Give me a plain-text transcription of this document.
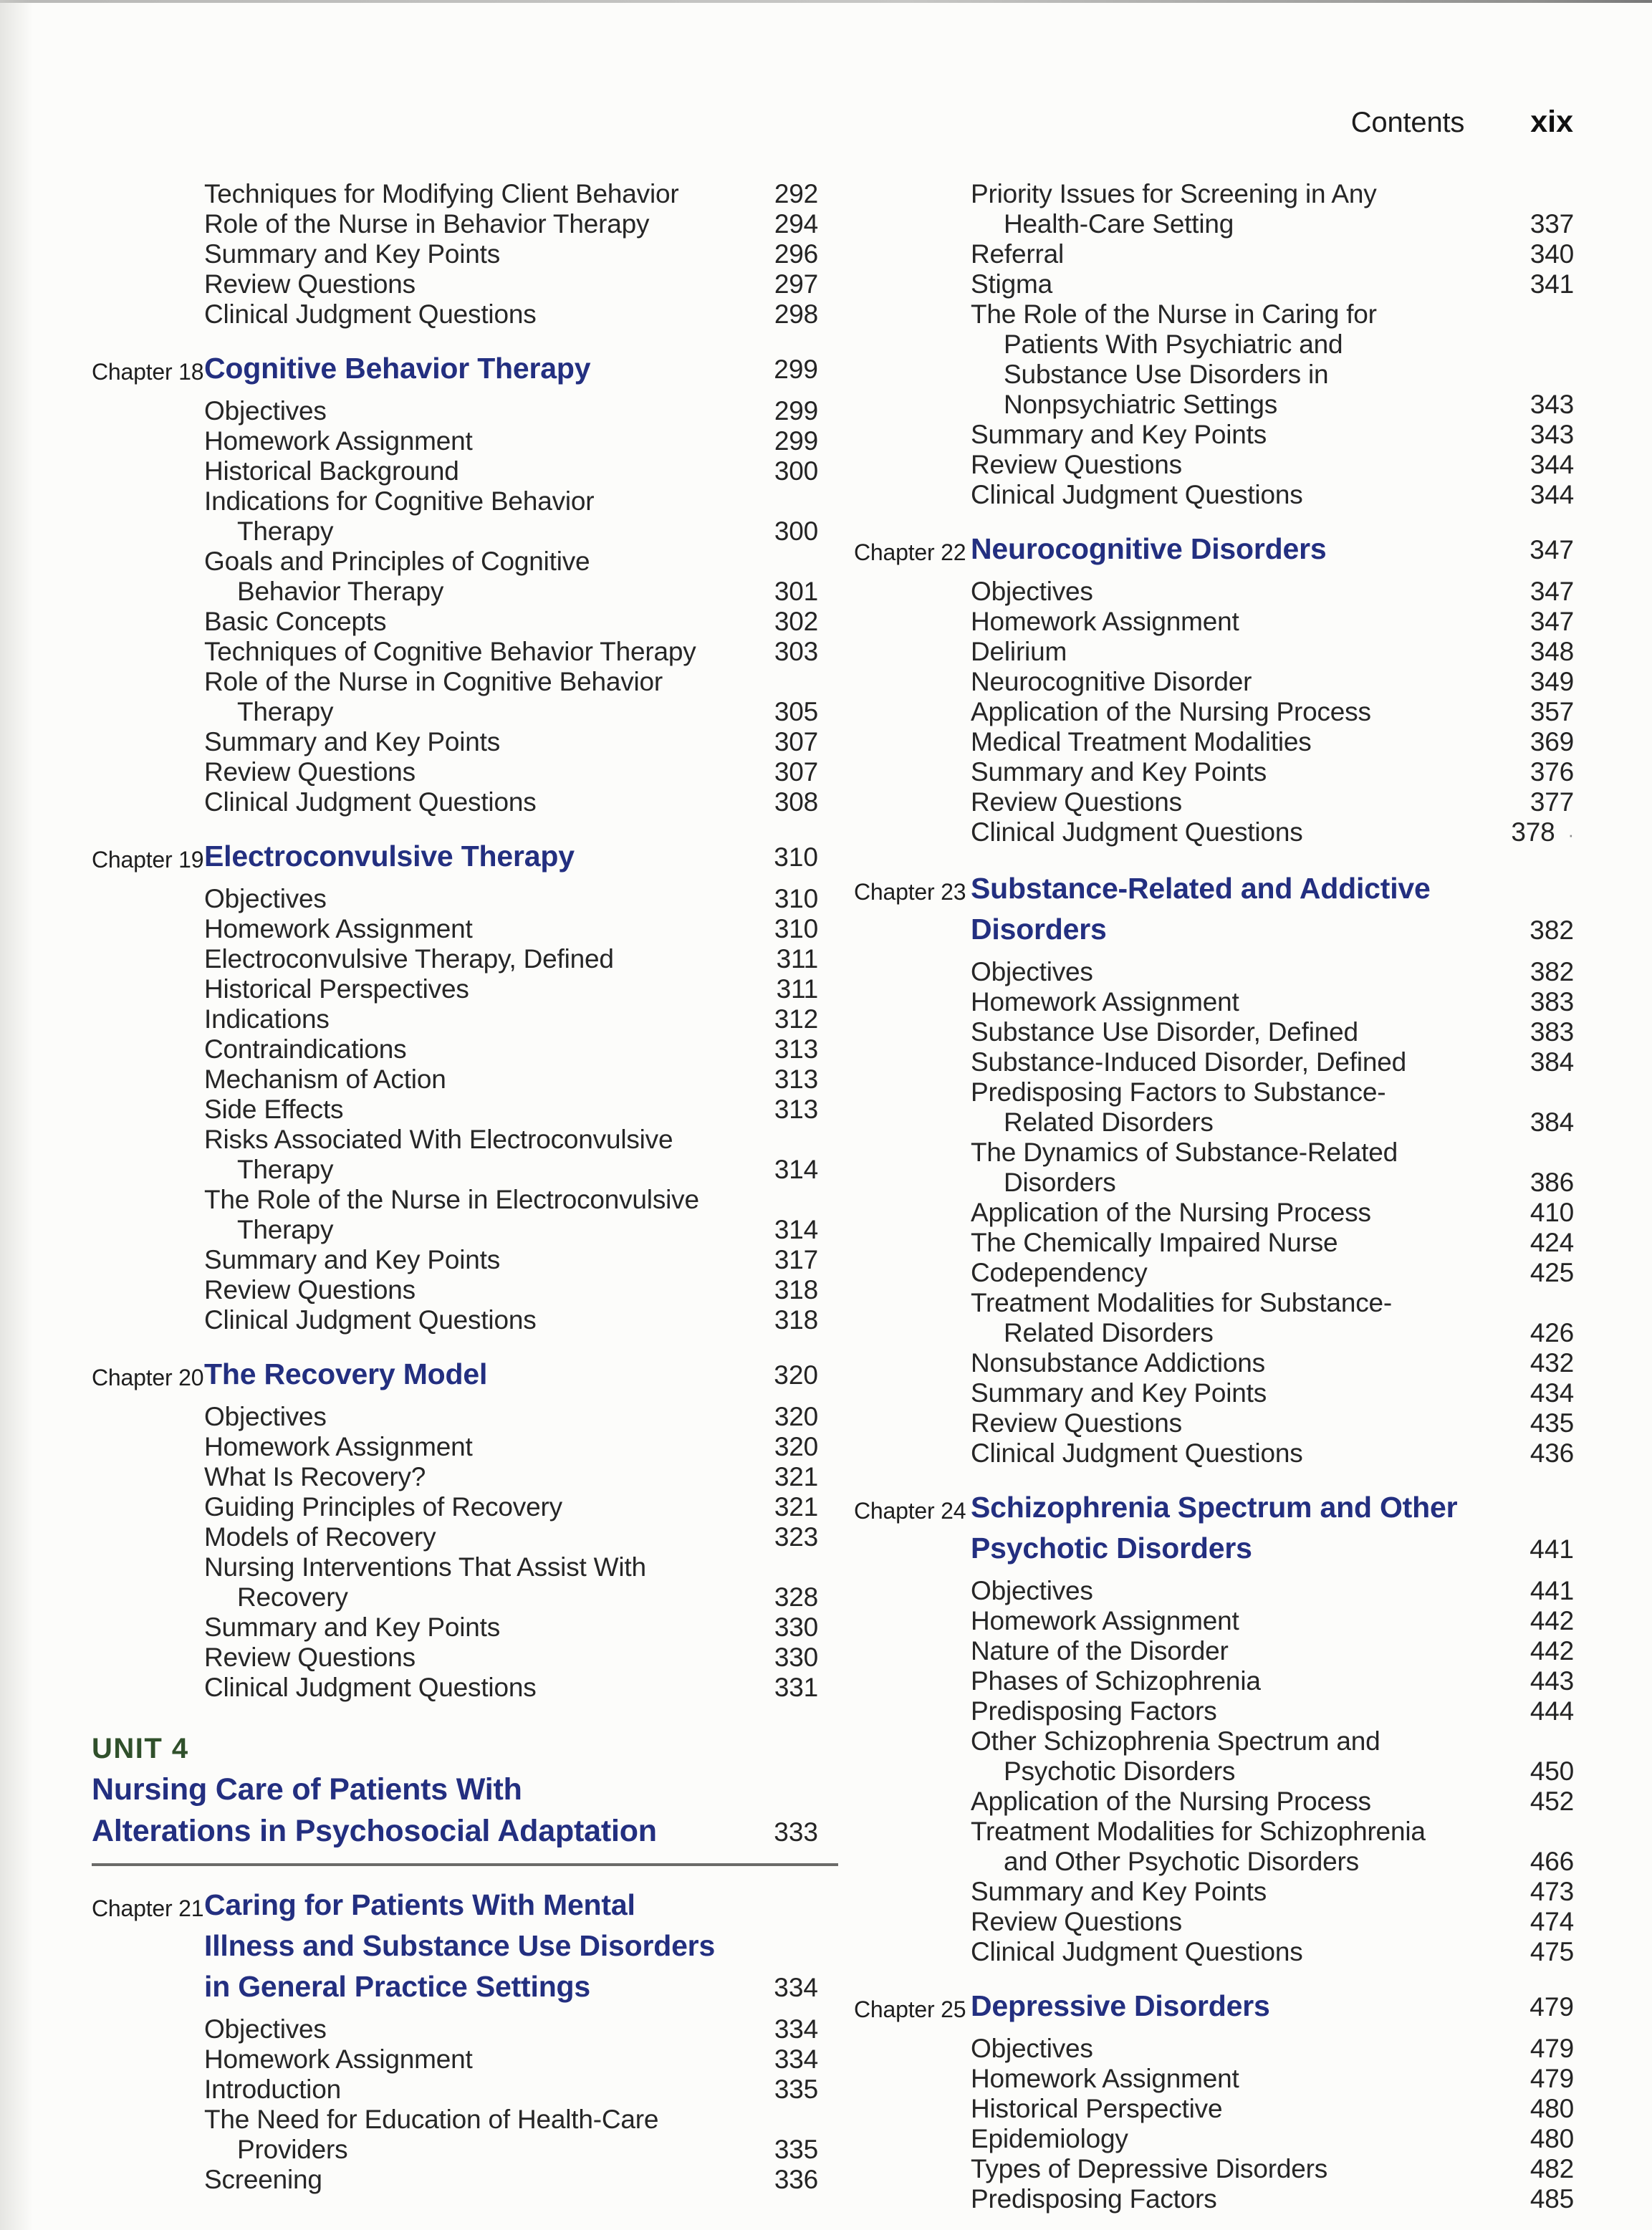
Contents xix
Techniques for Modifying Client Behavior	292
Role of the Nurse in Behavior Therapy	294
Summary and Key Points	296
Review Questions	297
Clinical Judgment Questions	298
Chapter 18 Cognitive Behavior Therapy	299
Objectives	299
Homework Assignment	299
Historical Background	300
Indications for Cognitive Behavior
Therapy	300
Goals and Principles of Cognitive
Behavior Therapy	301
Basic Concepts	302
Techniques of Cognitive Behavior Therapy	303
Role of the Nurse in Cognitive Behavior
Therapy	305
Summary and Key Points	307
Review Questions	307
Clinical Judgment Questions	308
Chapter 19 Electroconvulsive Therapy	310
Objectives	310
Homework Assignment	310
Electroconvulsive Therapy, Defined	311
Historical Perspectives	311
Indications	312
Contraindications	313
Mechanism of Action	313
Side Effects	313
Risks Associated With Electroconvulsive
Therapy	314
The Role of the Nurse in Electroconvulsive
Therapy	314
Summary and Key Points	317
Review Questions	318
Clinical Judgment Questions	318
Chapter 20 The Recovery Model	320
Objectives	320
Homework Assignment	320
What Is Recovery?	321
Guiding Principles of Recovery	321
Models of Recovery	323
Nursing Interventions That Assist With
Recovery	328
Summary and Key Points	330
Review Questions	330
Clinical Judgment Questions	331
UNIT 4
Nursing Care of Patients With
Alterations in Psychosocial Adaptation	333
Chapter 21 Caring for Patients With Mental
Illness and Substance Use Disorders
in General Practice Settings	334
Objectives	334
Homework Assignment	334
Introduction	335
The Need for Education of Health-Care
Providers	335
Screening	336
Priority Issues for Screening in Any
Health-Care Setting	337
Referral	340
Stigma	341
The Role of the Nurse in Caring for
Patients With Psychiatric and
Substance Use Disorders in
Nonpsychiatric Settings	343
Summary and Key Points	343
Review Questions	344
Clinical Judgment Questions	344
Chapter 22 Neurocognitive Disorders	347
Objectives	347
Homework Assignment	347
Delirium	348
Neurocognitive Disorder	349
Application of the Nursing Process	357
Medical Treatment Modalities	369
Summary and Key Points	376
Review Questions	377
Clinical Judgment Questions	378 ·
Chapter 23 Substance-Related and Addictive
Disorders	382
Objectives	382
Homework Assignment	383
Substance Use Disorder, Defined	383
Substance-Induced Disorder, Defined	384
Predisposing Factors to Substance-
Related Disorders	384
The Dynamics of Substance-Related
Disorders	386
Application of the Nursing Process	410
The Chemically Impaired Nurse	424
Codependency	425
Treatment Modalities for Substance-
Related Disorders	426
Nonsubstance Addictions	432
Summary and Key Points	434
Review Questions	435
Clinical Judgment Questions	436
Chapter 24 Schizophrenia Spectrum and Other
Psychotic Disorders	441
Objectives	441
Homework Assignment	442
Nature of the Disorder	442
Phases of Schizophrenia	443
Predisposing Factors	444
Other Schizophrenia Spectrum and
Psychotic Disorders	450
Application of the Nursing Process	452
Treatment Modalities for Schizophrenia
and Other Psychotic Disorders	466
Summary and Key Points	473
Review Questions	474
Clinical Judgment Questions	475
Chapter 25 Depressive Disorders	479
Objectives	479
Homework Assignment	479
Historical Perspective	480
Epidemiology	480
Types of Depressive Disorders	482
Predisposing Factors	485
